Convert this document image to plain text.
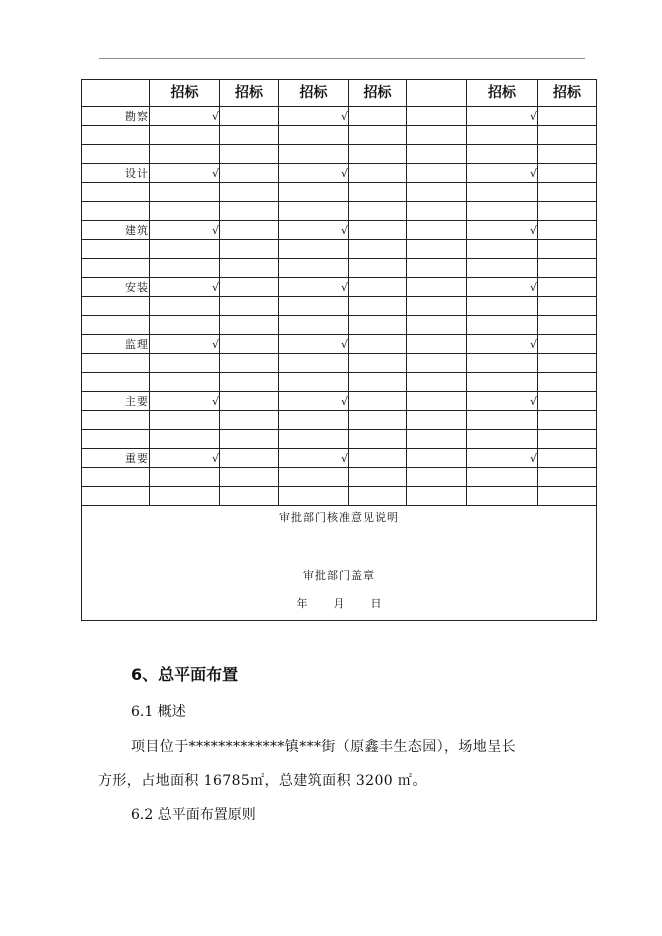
	招标	招标	招标	招标		招标	招标
勘察	√		√			√	

设计	√		√			√	

建筑	√		√			√	

安装	√		√			√	

监理	√		√			√	

主要	√		√			√	

重要	√		√			√	

审批部门核准意见说明
审批部门盖章
年 月 日							
6、总平面布置
6.1 概述
项目位于*************镇***街（原鑫丰生态园），场地呈长
方形，占地面积 16785㎡，总建筑面积 3200 ㎡。
6.2 总平面布置原则
